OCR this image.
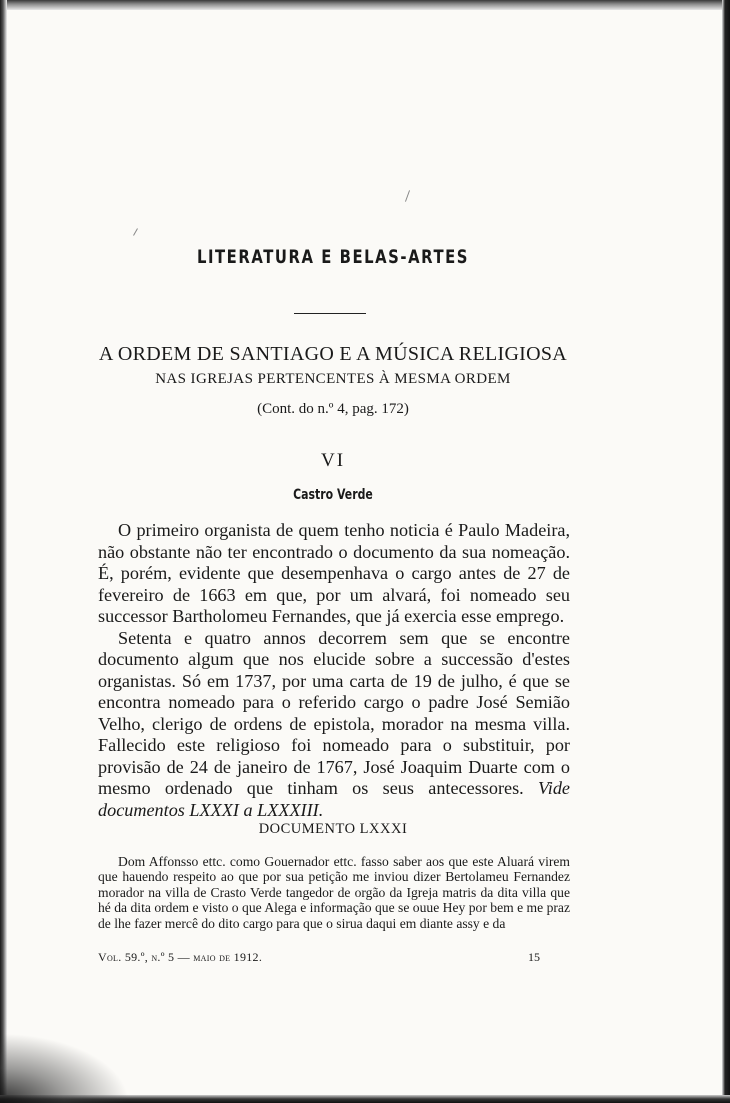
LITERATURA E BELAS-ARTES
A ORDEM DE SANTIAGO E A MÚSICA RELIGIOSA
NAS IGREJAS PERTENCENTES À MESMA ORDEM
(Cont. do n.º 4, pag. 172)
VI
Castro Verde

O primeiro organista de quem tenho noticia é Paulo Madeira, não obstante não ter encontrado o documento da sua nomeação. É, porém, evidente que desempenhava o cargo antes de 27 de fevereiro de 1663 em que, por um alvará, foi nomeado seu successor Bartholomeu Fernandes, que já exercia esse emprego.

Setenta e quatro annos decorrem sem que se encontre documento algum que nos elucide sobre a successão d'estes organistas. Só em 1737, por uma carta de 19 de julho, é que se encontra nomeado para o referido cargo o padre José Semião Velho, clerigo de ordens de epistola, morador na mesma villa. Fallecido este religioso foi nomeado para o substituir, por provisão de 24 de janeiro de 1767, José Joaquim Duarte com o mesmo ordenado que tinham os seus antecessores. Vide documentos LXXXI a LXXXIII.

DOCUMENTO LXXXI

Dom Affonsso ettc. como Gouernador ettc. fasso saber aos que este Aluará virem que hauendo respeito ao que por sua petição me inviou dizer Bertolameu Fernandez morador na villa de Crasto Verde tangedor de orgão da Igreja matris da dita villa que hé da dita ordem e visto o que Alega e informação que se ouue Hey por bem e me praz de lhe fazer mercê do dito cargo para que o sirua daqui em diante assy e da

Vol. 59.º, n.º 5 — maio de 1912.	15
